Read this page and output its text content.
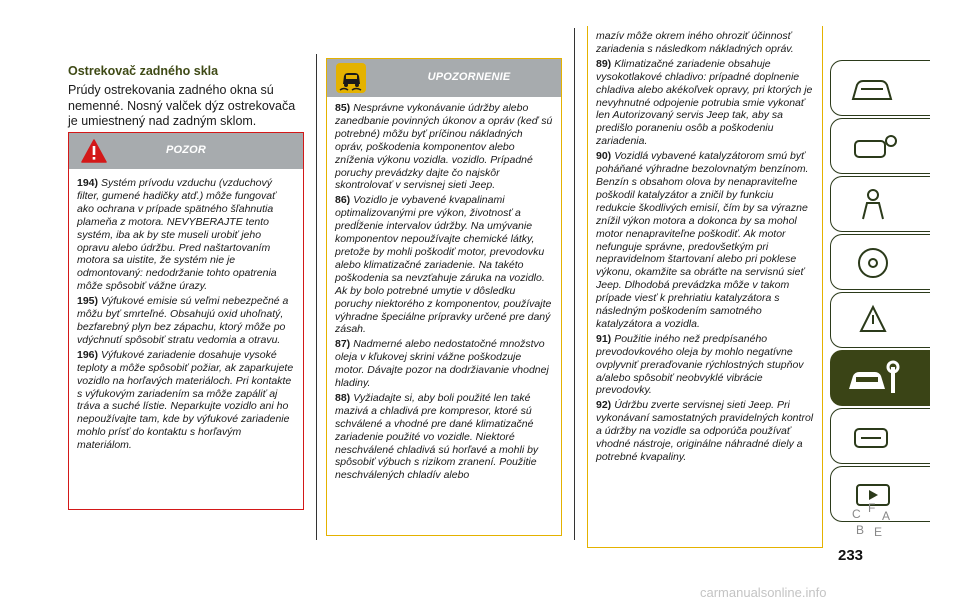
Ostrekovač zadného skla

Prúdy ostrekovania zadného okna sú nemenné. Nosný valček dýz ostrekovača je umiestnený nad zadným sklom.

POZOR

194) Systém prívodu vzduchu (vzduchový filter, gumené hadičky atď.) môže fungovať ako ochrana v prípade spätného šľahnutia plameňa z motora. NEVYBERAJTE tento systém, iba ak by ste museli urobiť jeho opravu alebo údržbu. Pred naštartovaním motora sa uistite, že systém nie je odmontovaný: nedodržanie tohto opatrenia môže spôsobiť vážne úrazy.

195) Výfukové emisie sú veľmi nebezpečné a môžu byť smrteľné. Obsahujú oxid uhoľnatý, bezfarebný plyn bez zápachu, ktorý môže po vdýchnutí spôsobiť stratu vedomia a otravu.

196) Výfukové zariadenie dosahuje vysoké teploty a môže spôsobiť požiar, ak zaparkujete vozidlo na horľavých materiáloch. Pri kontakte s výfukovým zariadením sa môže zapáliť aj tráva a suché lístie. Neparkujte vozidlo ani ho nepoužívajte tam, kde by výfukové zariadenie mohlo prísť do kontaktu s horľavým materiálom.

UPOZORNENIE

85) Nesprávne vykonávanie údržby alebo zanedbanie povinných úkonov a opráv (keď sú potrebné) môžu byť príčinou nákladných opráv, poškodenia komponentov alebo zníženia výkonu vozidla. vozidlo. Prípadné poruchy prevádzky dajte čo najskôr skontrolovať v servisnej sieti Jeep.

86) Vozidlo je vybavené kvapalinami optimalizovanými pre výkon, životnosť a predĺženie intervalov údržby. Na umývanie komponentov nepoužívajte chemické látky, pretože by mohli poškodiť motor, prevodovku alebo klimatizačné zariadenie. Na takéto poškodenia sa nevzťahuje záruka na vozidlo. Ak by bolo potrebné umytie v dôsledku poruchy niektorého z komponentov, používajte výhradne špeciálne prípravky určené pre daný zásah.

87) Nadmerné alebo nedostatočné množstvo oleja v kľukovej skrini vážne poškodzuje motor. Dávajte pozor na dodržiavanie vhodnej hladiny.

88) Vyžiadajte si, aby boli použité len také mazivá a chladivá pre kompresor, ktoré sú schválené a vhodné pre dané klimatizačné zariadenie použité vo vozidle. Niektoré neschválené chladivá sú horľavé a mohli by spôsobiť výbuch s rizikom zranení. Použitie neschválených chladív alebo

mazív môže okrem iného ohroziť účinnosť zariadenia s následkom nákladných opráv.

89) Klimatizačné zariadenie obsahuje vysokotlakové chladivo: prípadné doplnenie chladiva alebo akékoľvek opravy, pri ktorých je nevyhnutné odpojenie potrubia smie vykonať len Autorizovaný servis Jeep tak, aby sa predišlo poraneniu osôb a poškodeniu zariadenia.

90) Vozidlá vybavené katalyzátorom smú byť poháňané výhradne bezolovnatým benzínom. Benzín s obsahom olova by nenapraviteľne poškodil katalyzátor a zničil by funkciu redukcie škodlivých emisií, čím by sa výrazne znížil výkon motora a dokonca by sa mohol motor nenapraviteľne poškodiť. Ak motor nefunguje správne, predovšetkým pri nepravidelnom štartovaní alebo pri poklese výkonu, okamžite sa obráťte na servisnú sieť Jeep. Dlhodobá prevádzka môže v takom prípade viesť k prehriatiu katalyzátora s následným poškodením samotného katalyzátora a vozidla.

91) Použitie iného než predpísaného prevodovkového oleja by mohlo negatívne ovplyvniť preraďovanie rýchlostných stupňov a/alebo spôsobiť neobvyklé vibrácie prevodovky.

92) Údržbu zverte servisnej sieti Jeep. Pri vykonávaní samostatných pravidelných kontrol a údržby na vozidle sa odporúča používať vhodné nástroje, originálne náhradné diely a potrebné kvapaliny.

C F
A
B E
233
carmanualsonline.info
